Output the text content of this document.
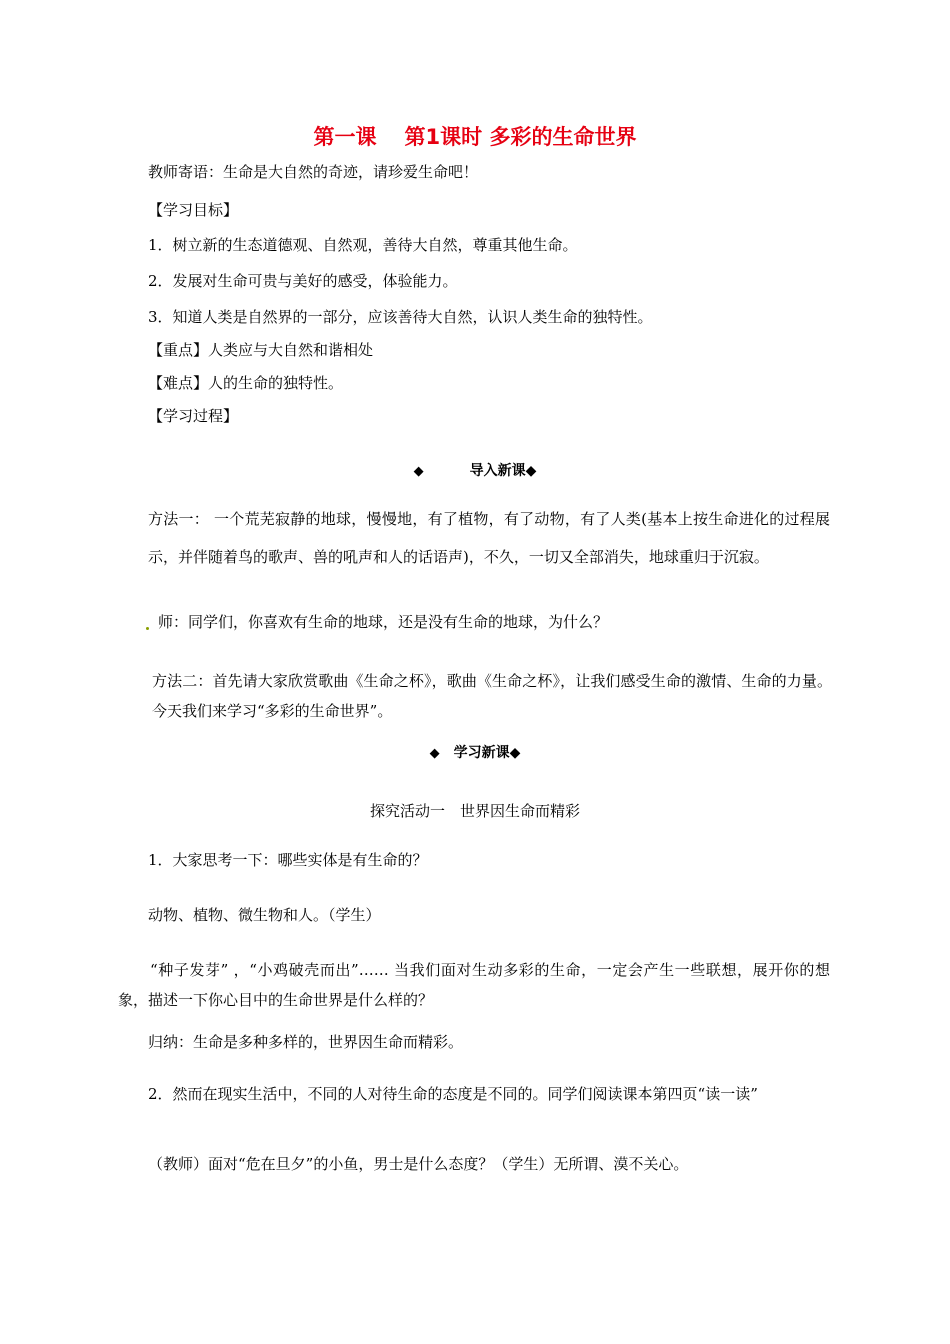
第一课 第1课时 多彩的生命世界
教师寄语：生命是大自然的奇迹，请珍爱生命吧！
【学习目标】
1．树立新的生态道德观、自然观，善待大自然，尊重其他生命。
2．发展对生命可贵与美好的感受，体验能力。
3．知道人类是自然界的一部分，应该善待大自然，认识人类生命的独特性。
【重点】人类应与大自然和谐相处
【难点】人的生命的独特性。
【学习过程】
◆	导入新课◆
方法一： 一个荒芜寂静的地球，慢慢地，有了植物，有了动物，有了人类(基本上按生命进化的过程展示，并伴随着鸟的歌声、兽的吼声和人的话语声)，不久，一切又全部消失，地球重归于沉寂。
师：同学们，你喜欢有生命的地球，还是没有生命的地球，为什么？
方法二：首先请大家欣赏歌曲《生命之杯》，歌曲《生命之杯》，让我们感受生命的激情、生命的力量。今天我们来学习“多彩的生命世界”。
◆ 学习新课◆
探究活动一　世界因生命而精彩
1．大家思考一下：哪些实体是有生命的？
动物、植物、微生物和人。（学生）
“种子发芽” ，“小鸡破壳而出”…… 当我们面对生动多彩的生命，一定会产生一些联想，展开你的想象，描述一下你心目中的生命世界是什么样的？
归纳：生命是多种多样的，世界因生命而精彩。
2．然而在现实生活中，不同的人对待生命的态度是不同的。同学们阅读课本第四页“读一读”
（教师）面对“危在旦夕”的小鱼，男士是什么态度？（学生）无所谓、漠不关心。
